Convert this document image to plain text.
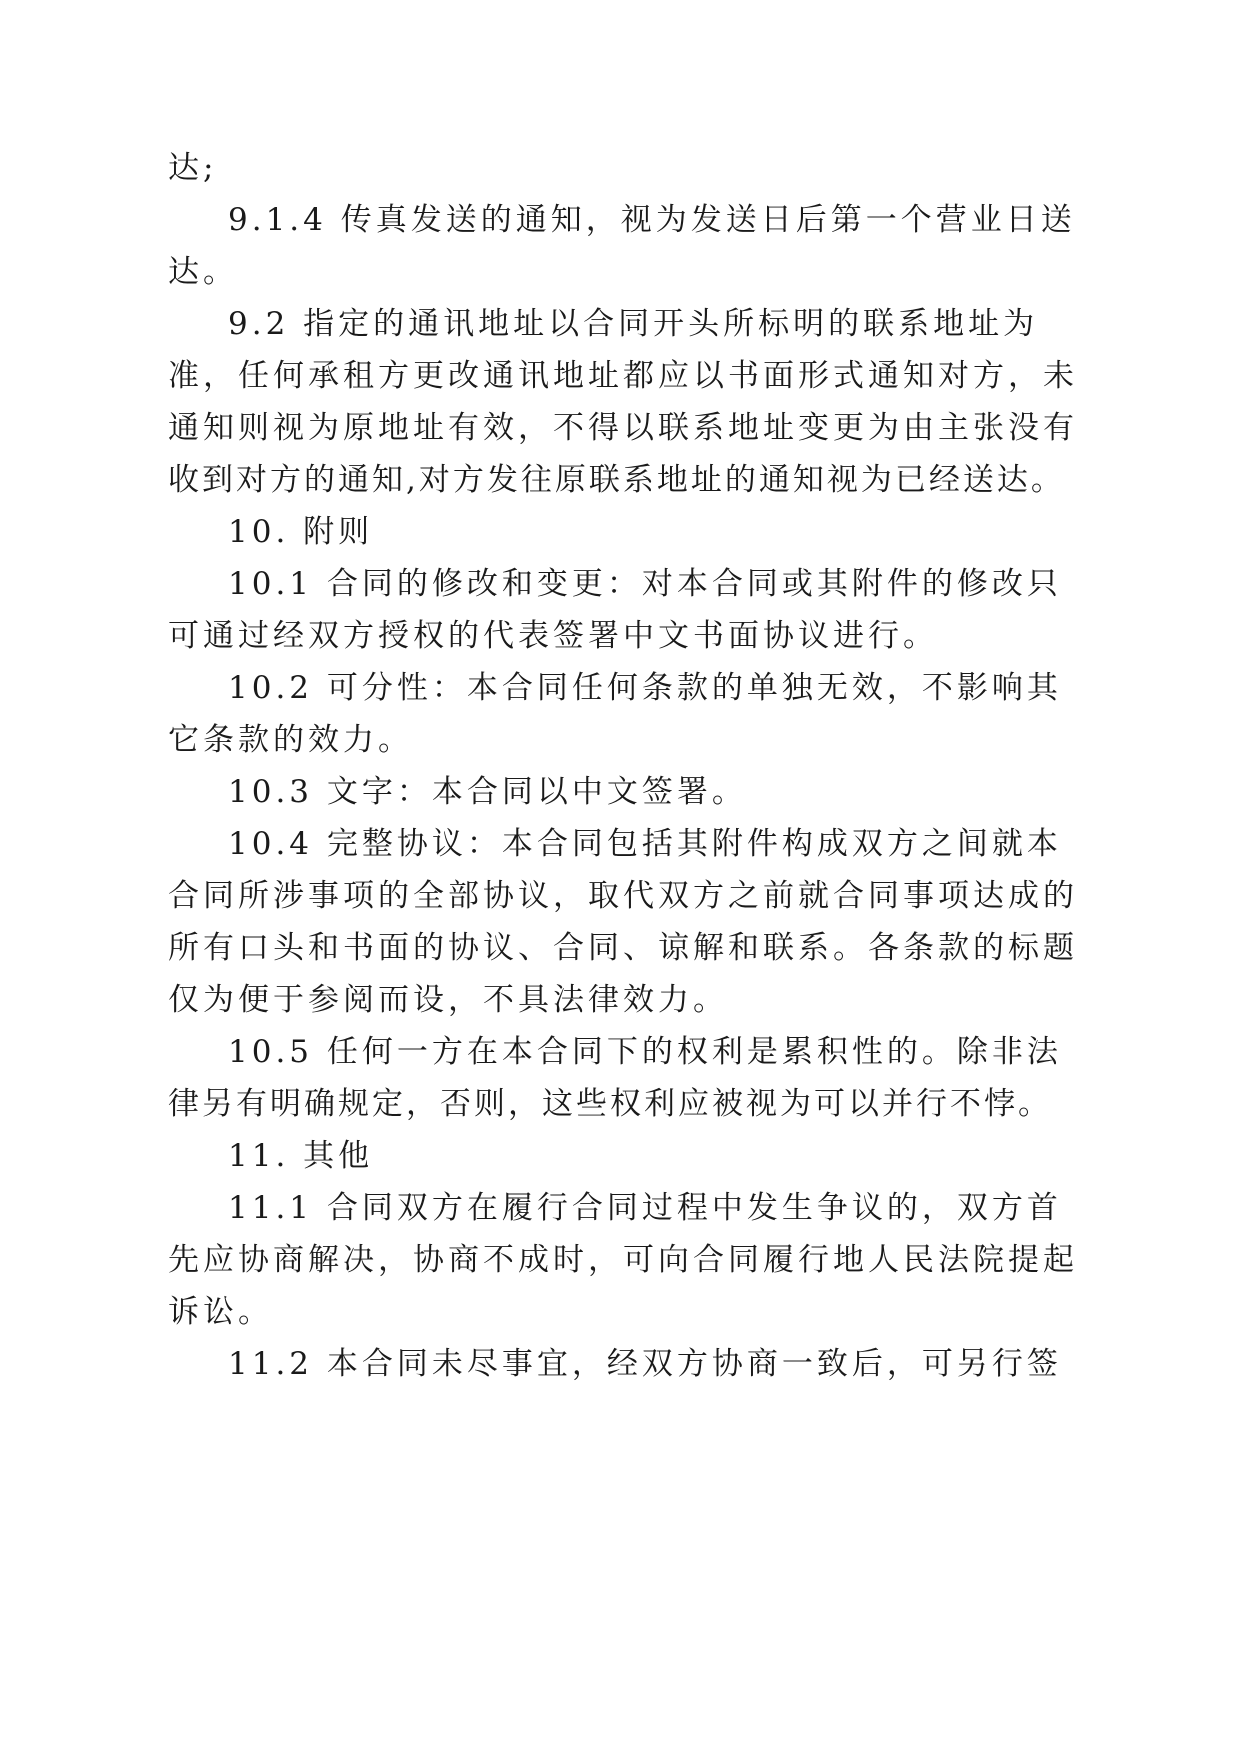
达;
9.1.4 传真发送的通知，视为发送日后第一个营业日送
达。
9.2 指定的通讯地址以合同开头所标明的联系地址为
准，任何承租方更改通讯地址都应以书面形式通知对方，未
通知则视为原地址有效，不得以联系地址变更为由主张没有
收到对方的通知,对方发往原联系地址的通知视为已经送达。
10. 附则
10.1 合同的修改和变更：对本合同或其附件的修改只
可通过经双方授权的代表签署中文书面协议进行。
10.2 可分性：本合同任何条款的单独无效，不影响其
它条款的效力。
10.3 文字：本合同以中文签署。
10.4 完整协议：本合同包括其附件构成双方之间就本
合同所涉事项的全部协议，取代双方之前就合同事项达成的
所有口头和书面的协议、合同、谅解和联系。各条款的标题
仅为便于参阅而设，不具法律效力。
10.5 任何一方在本合同下的权利是累积性的。除非法
律另有明确规定，否则，这些权利应被视为可以并行不悖。
11. 其他
11.1 合同双方在履行合同过程中发生争议的，双方首
先应协商解决，协商不成时，可向合同履行地人民法院提起
诉讼。
11.2 本合同未尽事宜，经双方协商一致后，可另行签
